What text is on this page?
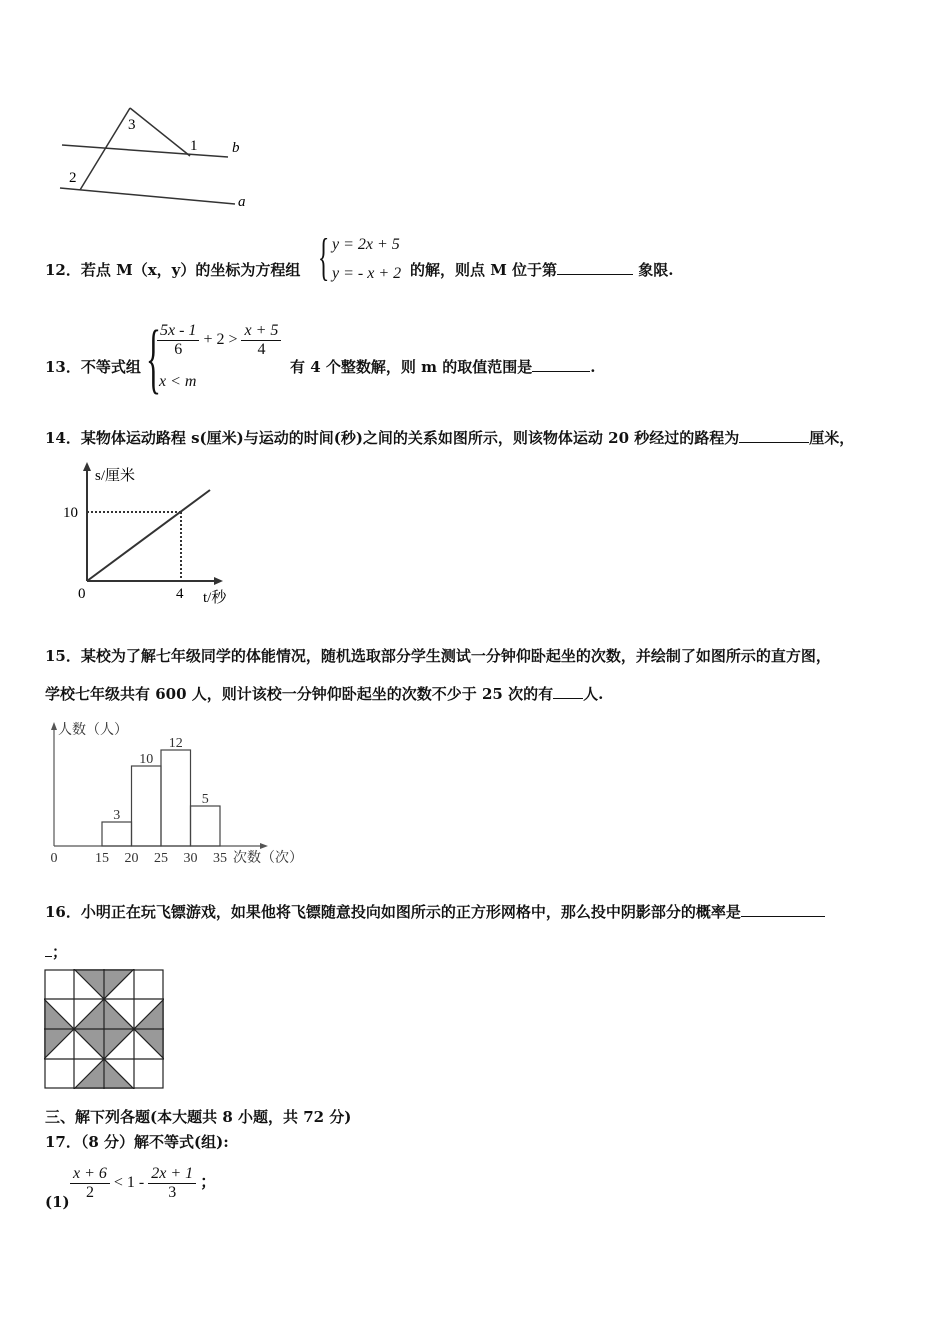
3
1
2
b
a
12．若点 M（x，y）的坐标为方程组 { y = 2x + 5
y = - x + 2 的解，则点 M 位于第	象限.
13．不等式组 {
$\frac{5x - 1}{6} + 2 > \frac{x + 5}{4}$
x < m
有 4 个整数解，则 m 的取值范围是	.
14．某物体运动路程 s(厘米)与运动的时间(秒)之间的关系如图所示，则该物体运动 20 秒经过的路程为	厘米，
s/厘米
t/秒
0	4
10
15．某校为了解七年级同学的体能情况，随机选取部分学生测试一分钟仰卧起坐的次数，并绘制了如图所示的直方图，
学校七年级共有 600 人，则计该校一分钟仰卧起坐的次数不少于 25 次的有 人.
人数（人）
次数（次）
3
10
12
5
0	15 20 25 30 35
16．小明正在玩飞镖游戏，如果他将飞镖随意投向如图所示的正方形网格中，那么投中阴影部分的概率是
；
三、解下列各题(本大题共 8 小题，共 72 分)
17．（8 分）解不等式(组):
$(1) \frac{x + 6}{2} < 1 - \frac{2x + 1}{3}$ ；
